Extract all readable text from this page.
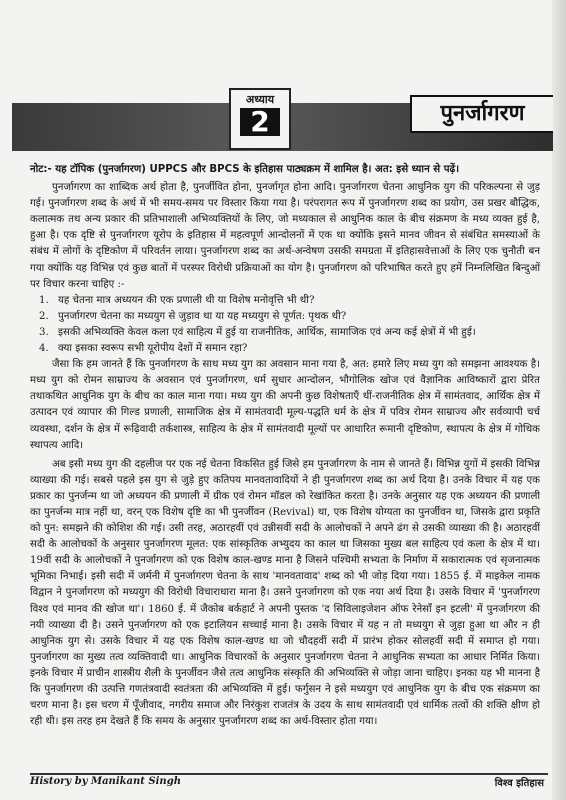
अध्याय
2	पुनर्जागरण
नोट:- यह टॉपिक (पुनर्जागरण) UPPCS और BPCS के इतिहास पाठ्यक्रम में शामिल है। अत: इसे ध्यान से पढ़ें।

पुनर्जागरण का शाब्दिक अर्थ होता है, पुनर्जीवित होना, पुनर्जागृत होना आदि। पुनर्जागरण चेतना आधुनिक युग की परिकल्पना से जुड़ गई। पुनर्जागरण शब्द के अर्थ में भी समय-समय पर विस्तार किया गया है। परंपरागत रूप में पुनर्जागरण शब्द का प्रयोग, उस प्रखर बौद्धिक, कलात्मक तथ अन्य प्रकार की प्रतिभाशाली अभिव्यक्तियों के लिए, जो मध्यकाल से आधुनिक काल के बीच संक्रमण के मध्य व्यक्त हुई है, हुआ है। एक दृष्टि से पुनर्जागरण यूरोप के इतिहास में महत्वपूर्ण आन्दोलनों में एक था क्योंकि इसने मानव जीवन से संबंधित समस्याओं के संबंध में लोगों के दृष्टिकोण में परिवर्तन लाया। पुनर्जागरण शब्द का अर्थ-अन्वेषण उसकी समग्रता में इतिहासवेत्ताओं के लिए एक चुनौती बन गया क्योंकि यह विभिन्न एवं कुछ बातों में परस्पर विरोधी प्रक्रियाओं का योग है। पुनर्जागरण को परिभाषित करते हुए हमें निम्नलिखित बिन्दुओं पर विचार करना चाहिए :-

1. यह चेतना मात्र अध्ययन की एक प्रणाली थी या विशेष मनोवृत्ति भी थी?
2. पुनर्जागरण चेतना का मध्ययुग से जुड़ाव था या यह मध्ययुग से पूर्णत: पृथक थी?
3. इसकी अभिव्यक्ति केवल कला एवं साहित्य में हुई या राजनीतिक, आर्थिक, सामाजिक एवं अन्य कई क्षेत्रों में भी हुई।
4. क्या इसका स्वरूप सभी यूरोपीय देशों में समान रहा?

जैसा कि हम जानते हैं कि पुनर्जागरण के साथ मध्य युग का अवसान माना गया है, अत: हमारे लिए मध्य युग को समझना आवश्यक है। मध्य युग को रोमन साम्राज्य के अवसान एवं पुनर्जागरण, धर्म सुधार आन्दोलन, भौगोलिक खोज एवं वैज्ञानिक आविष्कारों द्वारा प्रेरित तथाकथित आधुनिक युग के बीच का काल माना गया। मध्य युग की अपनी कुछ विशेषताएँ थीं-राजनीतिक क्षेत्र में सामंतवाद, आर्थिक क्षेत्र में उत्पादन एवं व्यापार की गिल्ड प्रणाली, सामाजिक क्षेत्र में सामंतवादी मूल्य-पद्धति धर्म के क्षेत्र में पवित्र रोमन साम्राज्य और सर्वव्यापी चर्च व्यवस्था, दर्शन के क्षेत्र में रूढ़िवादी तर्कशास्त्र, साहित्य के क्षेत्र में सामंतवादी मूल्यों पर आधारित रूमानी दृष्टिकोण, स्थापत्य के क्षेत्र में गोथिक स्थापत्य आदि।

अब इसी मध्य युग की दहलीज पर एक नई चेतना विकसित हुई जिसे हम पुनर्जागरण के नाम से जानते हैं। विभिन्न युगों में इसकी विभिन्न व्याख्या की गई। सबसे पहले इस युग से जुड़े हुए कतिपय मानवतावादियों ने ही पुनर्जागरण शब्द का अर्थ दिया है। उनके विचार में यह एक प्रकार का पुनर्जन्म था जो अध्ययन की प्रणाली में ग्रीक एवं रोमन मॉडल को रेखांकित करता है। उनके अनुसार यह एक अध्ययन की प्रणाली का पुनर्जन्म मात्र नहीं था, वरन् एक विशेष दृष्टि का भी पुनर्जीवन (Revival) था, एक विशेष योग्यता का पुनर्जीवन था, जिसके द्वारा प्रकृति को पुन: समझने की कोशिश की गई। उसी तरह, अठारहवीं एवं उन्नीसवीं सदी के आलोचकों ने अपने ढंग से उसकी व्याख्या की है। अठारहवीं सदी के आलोचकों के अनुसार पुनर्जागरण मूलत: एक सांस्कृतिक अभ्युदय का काल था जिसका मुख्य बल साहित्य एवं कला के क्षेत्र में था। 19वीं सदी के आलोचकों ने पुनर्जागरण को एक विशेष काल-खण्ड माना है जिसने पश्चिमी सभ्यता के निर्माण में सकारात्मक एवं सृजनात्मक भूमिका निभाई। इसी सदी में जर्मनी में पुनर्जागरण चेतना के साथ 'मानवतावाद' शब्द को भी जोड़ दिया गया। 1855 ई. में माइकेल नामक विद्वान ने पुनर्जागरण को मध्ययुग की विरोधी विचाराधारा माना है। उसने पुनर्जागरण को एक नया अर्थ दिया है। उसके विचार में 'पुनर्जागरण विश्व एवं मानव की खोज था'। 1860 ई. में जैकोब बर्कहार्ट ने अपनी पुस्तक 'द सिविलाइजेशन ऑफ रेनेसाँ इन इटली' में पुनर्जागरण की नयी व्याख्या दी है। उसने पुनर्जागरण को एक इटालियन सच्चाई माना है। उसके विचार में यह न तो मध्ययुग से जुड़ा हुआ था और न ही आधुनिक युग से। उसके विचार में यह एक विशेष काल-खण्ड था जो चौदहवीं सदी में प्रारंभ होकर सोलहवीं सदी में समाप्त हो गया। पुनर्जागरण का मुख्य तत्व व्यक्तिवादी था। आधुनिक विचारकों के अनुसार पुनर्जागरण चेतना ने आधुनिक सभ्यता का आधार निर्मित किया। इनके विचार में प्राचीन शास्त्रीय शैली के पुनर्जीवन जैसे तत्व आधुनिक संस्कृति की अभिव्यक्ति से जोड़ा जाना चाहिए। इनका यह भी मानना है कि पुनर्जागरण की उत्पत्ति गणतंत्रवादी स्वतंत्रता की अभिव्यक्ति में हुई। फर्गुसन ने इसे मध्ययुग एवं आधुनिक युग के बीच एक संक्रमण का चरण माना है। इस चरण में पूँजीवाद, नगरीय समाज और निरंकुश राजतंत्र के उदय के साथ सामंतवादी एवं धार्मिक तत्वों की शक्ति क्षीण हो रही थी। इस तरह हम देखते हैं कि समय के अनुसार पुनर्जागरण शब्द का अर्थ-विस्तार होता गया।

History by Manikant Singh	विश्व इतिहास
